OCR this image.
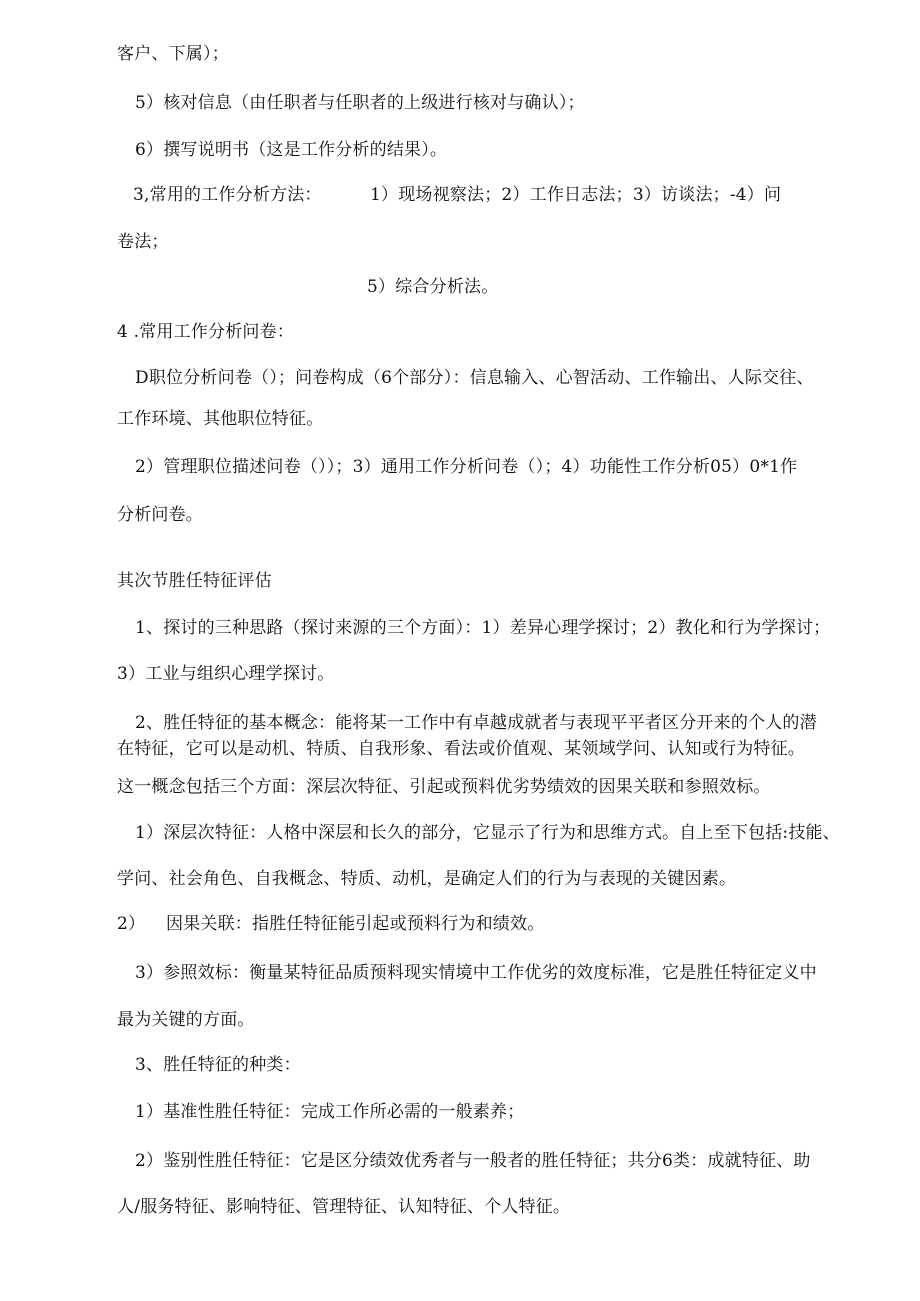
客户、下属）；
5）核对信息（由任职者与任职者的上级进行核对与确认）；
6）撰写说明书（这是工作分析的结果）。
3,常用的工作分析方法：	1）现场视察法；2）工作日志法；3）访谈法；-4）问
卷法；
5）综合分析法。
4 .常用工作分析问卷：
D职位分析问卷（）；问卷构成（6个部分）：信息输入、心智活动、工作输出、人际交往、
工作环境、其他职位特征。
2）管理职位描述问卷（））；3）通用工作分析问卷（）；4）功能性工作分析05）0*1作
分析问卷。
其次节胜任特征评估
1、探讨的三种思路（探讨来源的三个方面）：1）差异心理学探讨；2）教化和行为学探讨；
3）工业与组织心理学探讨。
2、胜任特征的基本概念：能将某一工作中有卓越成就者与表现平平者区分开来的个人的潜
在特征，它可以是动机、特质、自我形象、看法或价值观、某领域学问、认知或行为特征。
这一概念包括三个方面：深层次特征、引起或预料优劣势绩效的因果关联和参照效标。
1）深层次特征：人格中深层和长久的部分，它显示了行为和思维方式。自上至下包括:技能、
学问、社会角色、自我概念、特质、动机，是确定人们的行为与表现的关键因素。
2） 因果关联：指胜任特征能引起或预料行为和绩效。
3）参照效标：衡量某特征品质预料现实情境中工作优劣的效度标准，它是胜任特征定义中
最为关键的方面。
3、胜任特征的种类：
1）基准性胜任特征：完成工作所必需的一般素养；
2）鉴别性胜任特征：它是区分绩效优秀者与一般者的胜任特征；共分6类：成就特征、助
人/服务特征、影响特征、管理特征、认知特征、个人特征。
